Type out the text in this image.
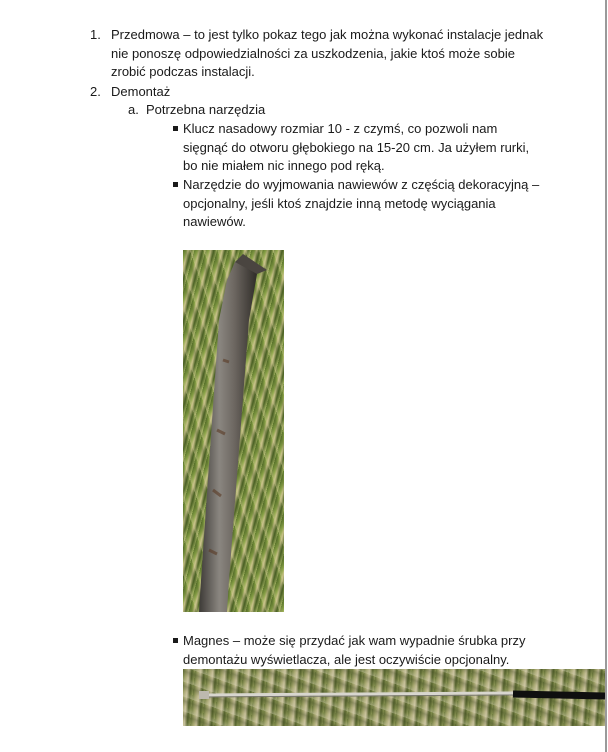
1. Przedmowa – to jest tylko pokaz tego jak można wykonać instalacje jednak nie ponoszę odpowiedzialności za uszkodzenia, jakie ktoś może sobie zrobić podczas instalacji.
2. Demontaż
a. Potrzebna narzędzia
Klucz nasadowy rozmiar 10 - z czymś, co pozwoli nam sięgnąć do otworu głębokiego na 15-20 cm. Ja użyłem rurki, bo nie miałem nic innego pod ręką.
Narzędzie do wyjmowania nawiewów z częścią dekoracyjną – opcjonalny, jeśli ktoś znajdzie inną metodę wyciągania nawiewów.
Magnes – może się przydać jak wam wypadnie śrubka przy demontażu wyświetlacza, ale jest oczywiście opcjonalny.
